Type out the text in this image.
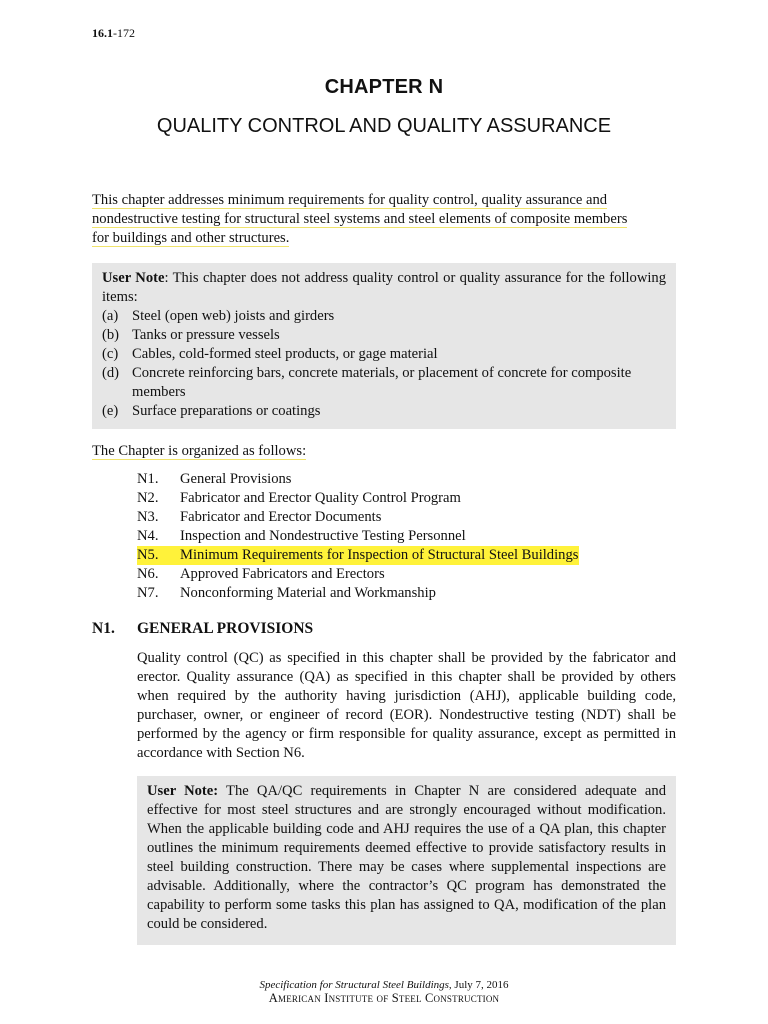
16.1-172
CHAPTER N
QUALITY CONTROL AND QUALITY ASSURANCE
This chapter addresses minimum requirements for quality control, quality assurance and
nondestructive testing for structural steel systems and steel elements of composite members
for buildings and other structures.
User Note: This chapter does not address quality control or quality assurance for the following items:
(a) Steel (open web) joists and girders
(b) Tanks or pressure vessels
(c) Cables, cold-formed steel products, or gage material
(d) Concrete reinforcing bars, concrete materials, or placement of concrete for composite members
(e) Surface preparations or coatings
The Chapter is organized as follows:
N1. General Provisions
N2. Fabricator and Erector Quality Control Program
N3. Fabricator and Erector Documents
N4. Inspection and Nondestructive Testing Personnel
N5. Minimum Requirements for Inspection of Structural Steel Buildings
N6. Approved Fabricators and Erectors
N7. Nonconforming Material and Workmanship
N1. GENERAL PROVISIONS
Quality control (QC) as specified in this chapter shall be provided by the fabricator and erector. Quality assurance (QA) as specified in this chapter shall be provided by others when required by the authority having jurisdiction (AHJ), applicable building code, purchaser, owner, or engineer of record (EOR). Nondestructive testing (NDT) shall be performed by the agency or firm responsible for quality assurance, except as permitted in accordance with Section N6.
User Note: The QA/QC requirements in Chapter N are considered adequate and effective for most steel structures and are strongly encouraged without modification. When the applicable building code and AHJ requires the use of a QA plan, this chapter outlines the minimum requirements deemed effective to provide satisfactory results in steel building construction. There may be cases where supplemental inspections are advisable. Additionally, where the contractor’s QC program has demonstrated the capability to perform some tasks this plan has assigned to QA, modification of the plan could be considered.
Specification for Structural Steel Buildings, July 7, 2016
American Institute of Steel Construction
